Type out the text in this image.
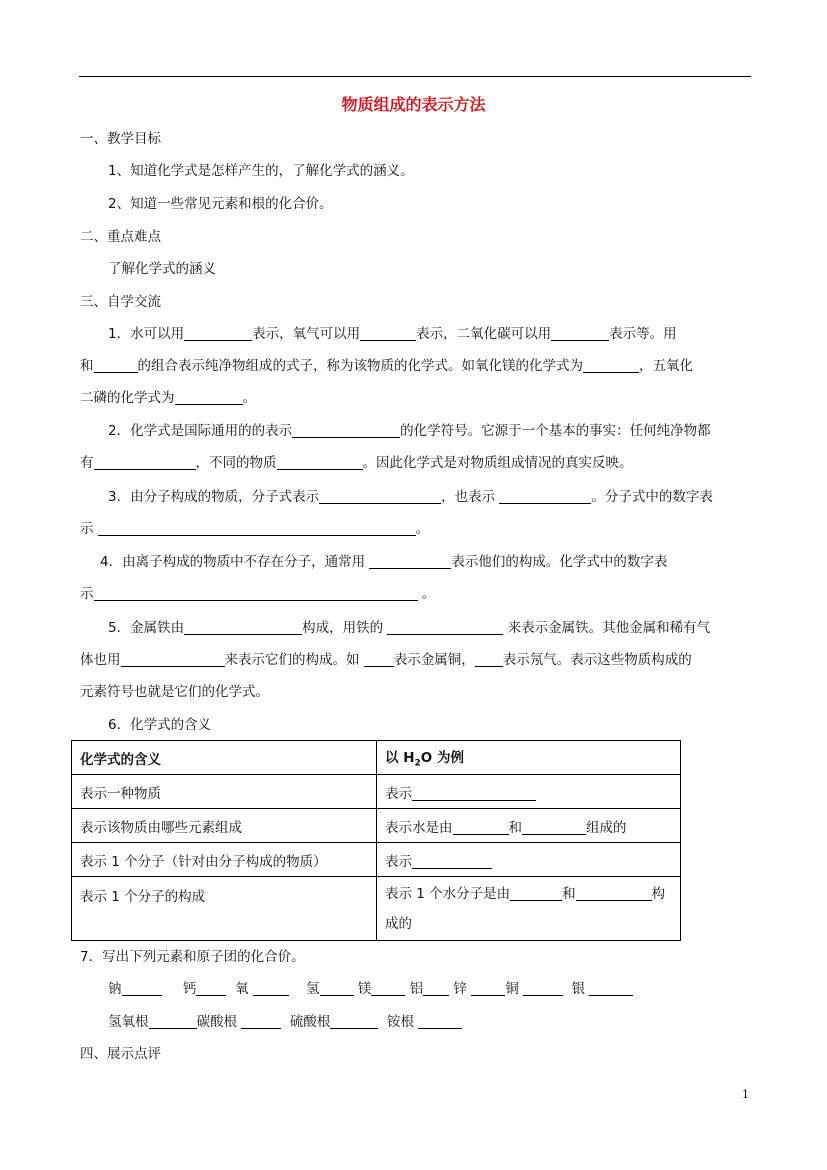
物质组成的表示方法
一、教学目标
1、知道化学式是怎样产生的，了解化学式的涵义。
2、知道一些常见元素和根的化合价。
二、重点难点
了解化学式的涵义
三、自学交流
1．水可以用	表示，氧气可以用	表示，二氧化碳可以用	表示等。用
和	的组合表示纯净物组成的式子，称为该物质的化学式。如氧化镁的化学式为	，五氧化
二磷的化学式为	。
2．化学式是国际通用的的表示	的化学符号。它源于一个基本的事实：任何纯净物都
有	，不同的物质	。因此化学式是对物质组成情况的真实反映。
3．由分子构成的物质，分子式表示	，也表示	。分子式中的数字表
示	。
4．由离子构成的物质中不存在分子，通常用	表示他们的构成。化学式中的数字表
示	。
5．金属铁由	构成，用铁的	来表示金属铁。其他金属和稀有气
体也用	来表示它们的构成。如	表示金属铜， 表示氖气。表示这些物质构成的
元素符号也就是它们的化学式。
6．化学式的含义
化学式的含义	以 $H_2O$ 为例
表示一种物质	表示
表示该物质由哪些元素组成	表示水是由 和 组成的
表示 1 个分子（针对由分子构成的物质）	表示
表示 1 个分子的构成	表示 1 个水分子是由 和 构
成的
7．写出下列元素和原子团的化合价。
钠	钙	氧	氢	镁	铝 锌	铜	银
氢氧根	碳酸根	硫酸根	铵根
四、展示点评
1
